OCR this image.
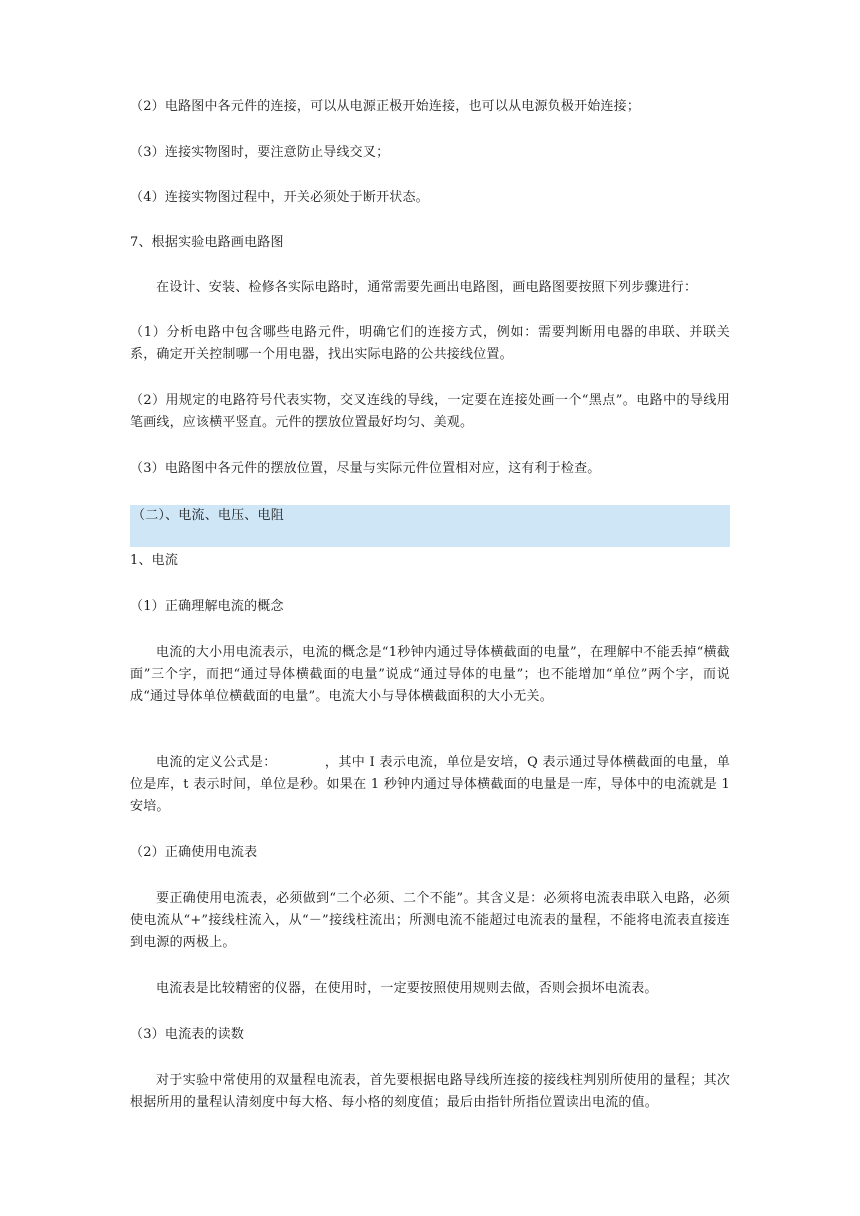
（2）电路图中各元件的连接，可以从电源正极开始连接，也可以从电源负极开始连接；

（3）连接实物图时，要注意防止导线交叉；

（4）连接实物图过程中，开关必须处于断开状态。

7、根据实验电路画电路图

在设计、安装、检修各实际电路时，通常需要先画出电路图，画电路图要按照下列步骤进行：

（1）分析电路中包含哪些电路元件，明确它们的连接方式，例如：需要判断用电器的串联、并联关系，确定开关控制哪一个用电器，找出实际电路的公共接线位置。

（2）用规定的电路符号代表实物，交叉连线的导线，一定要在连接处画一个“黑点”。电路中的导线用笔画线，应该横平竖直。元件的摆放位置最好均匀、美观。

（3）电路图中各元件的摆放位置，尽量与实际元件位置相对应，这有利于检查。

（二）、电流、电压、电阻

1、电流

（1）正确理解电流的概念

电流的大小用电流表示，电流的概念是“1秒钟内通过导体横截面的电量”，在理解中不能丢掉“横截面”三个字，而把“通过导体横截面的电量”说成“通过导体的电量”；也不能增加“单位”两个字，而说成“通过导体单位横截面的电量”。电流大小与导体横截面积的大小无关。

电流的定义公式是：	，其中 I 表示电流，单位是安培，Q 表示通过导体横截面的电量，单位是库，t 表示时间，单位是秒。如果在 1 秒钟内通过导体横截面的电量是一库，导体中的电流就是 1 安培。

（2）正确使用电流表

要正确使用电流表，必须做到“二个必须、二个不能”。其含义是：必须将电流表串联入电路，必须使电流从“+”接线柱流入，从“－”接线柱流出；所测电流不能超过电流表的量程，不能将电流表直接连到电源的两极上。

电流表是比较精密的仪器，在使用时，一定要按照使用规则去做，否则会损坏电流表。

（3）电流表的读数

对于实验中常使用的双量程电流表，首先要根据电路导线所连接的接线柱判别所使用的量程；其次根据所用的量程认清刻度中每大格、每小格的刻度值；最后由指针所指位置读出电流的值。
